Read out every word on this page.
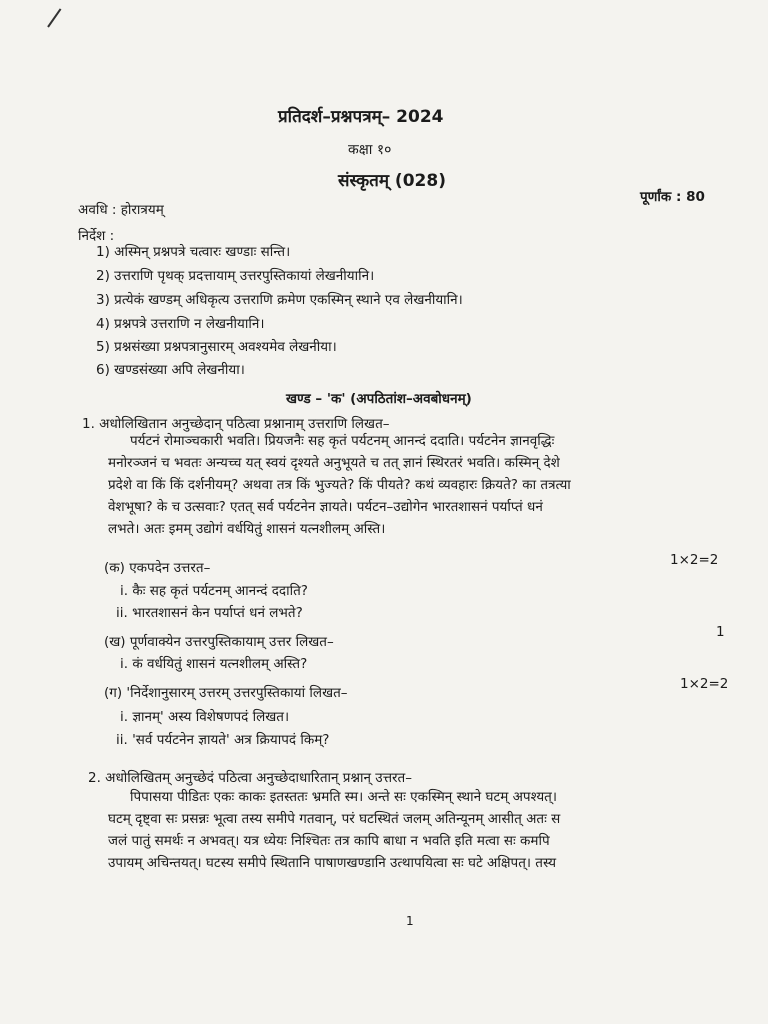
प्रतिदर्श–प्रश्नपत्रम्– 2024
कक्षा १०
संस्कृतम् (028)
पूर्णांक : 80
अवधि : होरात्रयम्
निर्देश :
1) अस्मिन् प्रश्नपत्रे चत्वारः खण्डाः सन्ति।
2) उत्तराणि पृथक् प्रदत्तायाम् उत्तरपुस्तिकायां लेखनीयानि।
3) प्रत्येकं खण्डम् अधिकृत्य उत्तराणि क्रमेण एकस्मिन् स्थाने एव लेखनीयानि।
4) प्रश्नपत्रे उत्तराणि न लेखनीयानि।
5) प्रश्नसंख्या प्रश्नपत्रानुसारम् अवश्यमेव लेखनीया।
6) खण्डसंख्या अपि लेखनीया।
खण्ड – 'क' (अपठितांश–अवबोधनम्)
1. अधोलिखितान अनुच्छेदान् पठित्वा प्रश्नानाम् उत्तराणि लिखत–
पर्यटनं रोमाञ्चकारी भवति। प्रियजनैः सह कृतं पर्यटनम् आनन्दं ददाति। पर्यटनेन ज्ञानवृद्धिः
मनोरञ्जनं च भवतः अन्यच्च यत् स्वयं दृश्यते अनुभूयते च तत् ज्ञानं स्थिरतरं भवति। कस्मिन् देशे
प्रदेशे वा किं किं दर्शनीयम्? अथवा तत्र किं भुज्यते? किं पीयते? कथं व्यवहारः क्रियते? का तत्रत्या
वेशभूषा? के च उत्सवाः? एतत् सर्व पर्यटनेन ज्ञायते। पर्यटन–उद्योगेन भारतशासनं पर्याप्तं धनं
लभते। अतः इमम् उद्योगं वर्धयितुं शासनं यत्नशीलम् अस्ति।
1×2=2
(क) एकपदेन उत्तरत–
i. कैः सह कृतं पर्यटनम् आनन्दं ददाति?
ii. भारतशासनं केन पर्याप्तं धनं लभते?
1
(ख) पूर्णवाक्येन उत्तरपुस्तिकायाम् उत्तर लिखत–
i. कं वर्धयितुं शासनं यत्नशीलम् अस्ति?
1×2=2
(ग) 'निर्देशानुसारम् उत्तरम् उत्तरपुस्तिकायां लिखत–
i. ज्ञानम्' अस्य विशेषणपदं लिखत।
ii. 'सर्व पर्यटनेन ज्ञायते' अत्र क्रियापदं किम्?
2. अधोलिखितम् अनुच्छेदं पठित्वा अनुच्छेदाधारितान् प्रश्नान् उत्तरत–
पिपासया पीडितः एकः काकः इतस्ततः भ्रमति स्म। अन्ते सः एकस्मिन् स्थाने घटम् अपश्यत्।
घटम् दृष्ट्वा सः प्रसन्नः भूत्वा तस्य समीपे गतवान्, परं घटस्थितं जलम् अतिन्यूनम् आसीत् अतः स
जलं पातुं समर्थः न अभवत्। यत्र ध्येयः निश्चितः तत्र कापि बाधा न भवति इति मत्वा सः कमपि
उपायम् अचिन्तयत्। घटस्य समीपे स्थितानि पाषाणखण्डानि उत्थापयित्वा सः घटे अक्षिपत्। तस्य
1
